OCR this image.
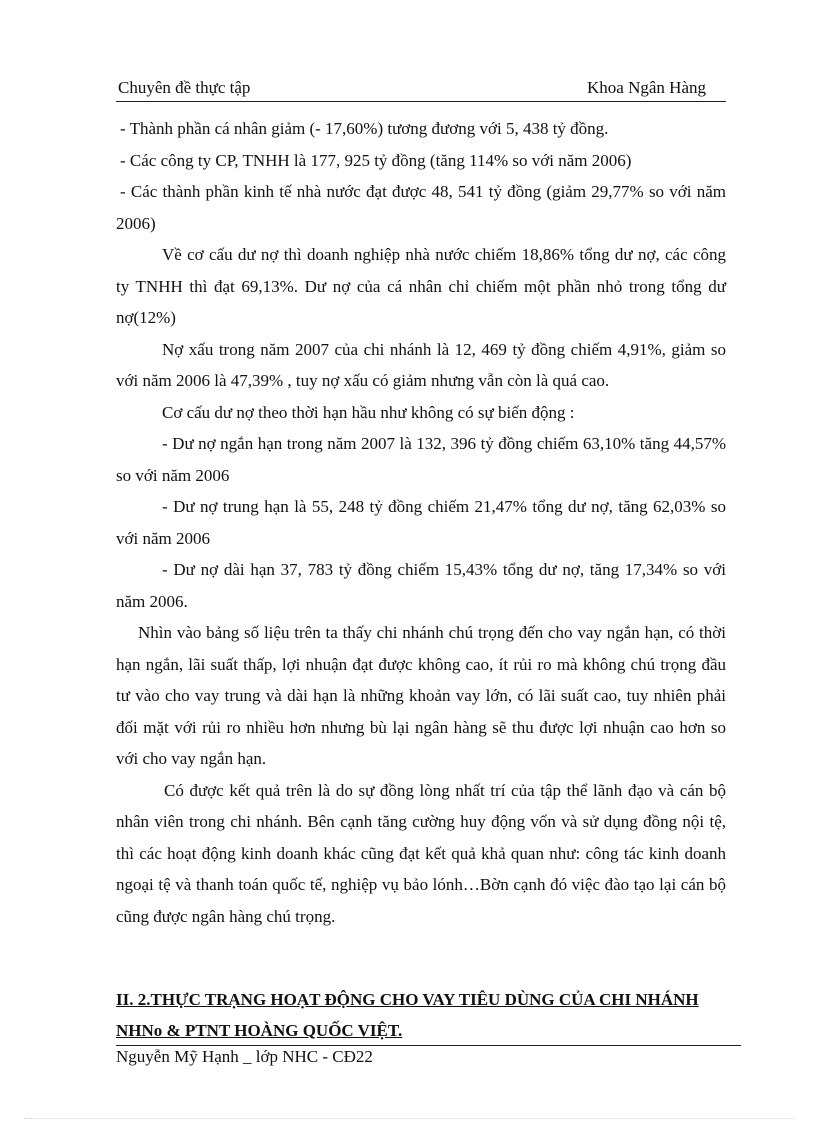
Chuyên đề thực tập	Khoa Ngân Hàng

- Thành phần cá nhân giảm (- 17,60%) tương đương với 5, 438 tỷ đồng.

- Các công ty CP, TNHH là 177, 925 tỷ đồng (tăng 114% so với năm 2006)

- Các thành phần kinh tế nhà nước đạt được 48, 541 tỷ đồng (giảm 29,77% so với năm 2006)

Về cơ cấu dư nợ thì doanh nghiệp nhà nước chiếm 18,86% tổng dư nợ, các công ty TNHH thì đạt 69,13%. Dư nợ của cá nhân chỉ chiếm một phần nhỏ trong tổng dư nợ(12%)

Nợ xấu trong năm 2007 của chi nhánh là 12, 469 tỷ đồng chiếm 4,91%, giảm so với năm 2006 là 47,39% , tuy nợ xấu có giảm nhưng vẫn còn là quá cao.

Cơ cấu dư nợ theo thời hạn hầu như không có sự biến động :

- Dư nợ ngắn hạn trong năm 2007 là 132, 396 tỷ đồng chiếm 63,10% tăng 44,57% so với năm 2006

- Dư nợ trung hạn là 55, 248 tỷ đồng chiếm 21,47% tổng dư nợ, tăng 62,03% so với năm 2006

- Dư nợ dài hạn 37, 783 tỷ đồng chiếm 15,43% tổng dư nợ, tăng 17,34% so với năm 2006.

Nhìn vào bảng số liệu trên ta thấy chi nhánh chú trọng đến cho vay ngắn hạn, có thời hạn ngắn, lãi suất thấp, lợi nhuận đạt được không cao, ít rủi ro mà không chú trọng đầu tư vào cho vay trung và dài hạn là những khoản vay lớn, có lãi suất cao, tuy nhiên phải đối mặt với rủi ro nhiều hơn nhưng bù lại ngân hàng sẽ thu được lợi nhuận cao hơn so với cho vay ngắn hạn.

Có được kết quả trên là do sự đồng lòng nhất trí của tập thể lãnh đạo và cán bộ nhân viên trong chi nhánh. Bên cạnh tăng cường huy động vốn và sử dụng đồng nội tệ, thì các hoạt động kinh doanh khác cũng đạt kết quả khả quan như: công tác kinh doanh ngoại tệ và thanh toán quốc tế, nghiệp vụ bảo lónh…Bờn cạnh đó việc đào tạo lại cán bộ cũng được ngân hàng chú trọng.

II. 2.THỰC TRẠNG HOẠT ĐỘNG CHO VAY TIÊU DÙNG CỦA CHI NHÁNH NHNo & PTNT HOÀNG QUỐC VIỆT.
Nguyễn Mỹ Hạnh _ lớp NHC - CĐ22
